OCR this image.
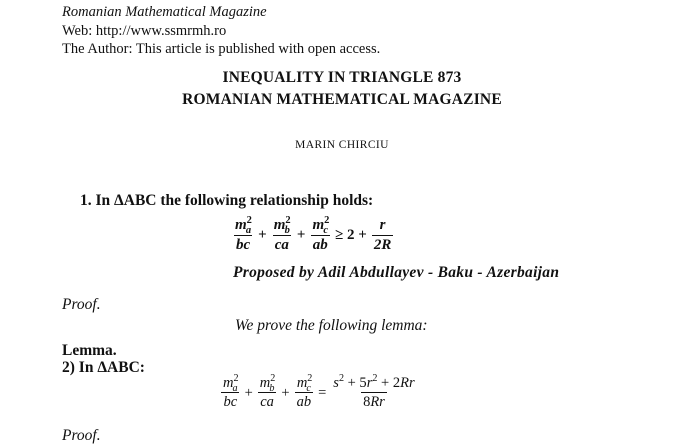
Romanian Mathematical Magazine
Web: http://www.ssmrmh.ro
The Author: This article is published with open access.
INEQUALITY IN TRIANGLE 873
ROMANIAN MATHEMATICAL MAGAZINE
MARIN CHIRCIU
1. In ΔABC the following relationship holds:
$\frac{m^2_a}{bc} + \frac{m^2_b}{ca} + \frac{m^2_c}{ab} \ge 2 + \frac{r}{2R}$
Proposed by Adil Abdullayev - Baku - Azerbaijan
Proof.
We prove the following lemma:
Lemma.
2) In ΔABC:
$\frac{m^2_a}{bc} + \frac{m^2_b}{ca} + \frac{m^2_c}{ab} = \frac{s^2 + 5r^2 + 2Rr}{8Rr}$
Proof.
